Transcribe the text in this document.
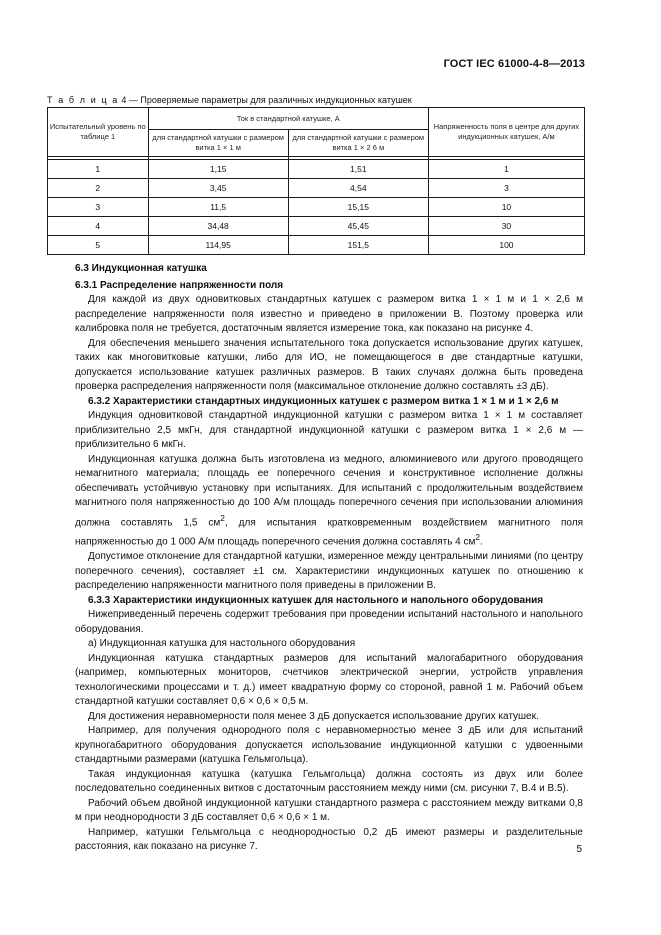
ГОСТ IEC 61000-4-8—2013
Т а б л и ц а 4 — Проверяемые параметры для различных индукционных катушек
Испытательный уровень по таблице 1	Ток в стандартной катушке, А		Напряженность поля в центре для других индукционных катушек, А/м
	для стандартной катушки с размером витка 1 × 1 м	для стандартной катушки с размером витка 1 × 2 6 м	

1	1,15	1,51	1
2	3,45	4,54	3
3	11,5	15,15	10
4	34,48	45,45	30
5	114,95	151,5	100

6.3 Индукционная катушка

6.3.1 Распределение напряженности поля

Для каждой из двух одновитковых стандартных катушек с размером витка 1 × 1 м и 1 × 2,6 м распределение напряженности поля известно и приведено в приложении В. Поэтому проверка или калибровка поля не требуется, достаточным является измерение тока, как показано на рисунке 4.

Для обеспечения меньшего значения испытательного тока допускается использование других катушек, таких как многовитковые катушки, либо для ИО, не помещающегося в две стандартные катушки, допускается использование катушек различных размеров. В таких случаях должна быть проведена проверка распределения напряженности поля (максимальное отклонение должно составлять ±3 дБ).

6.3.2 Характеристики стандартных индукционных катушек с размером витка 1 × 1 м и 1 × 2,6 м

Индукция одновитковой стандартной индукционной катушки с размером витка 1 × 1 м составляет приблизительно 2,5 мкГн, для стандартной индукционной катушки с размером витка 1 × 2,6 м — приблизительно 6 мкГн.

Индукционная катушка должна быть изготовлена из медного, алюминиевого или другого проводящего немагнитного материала; площадь ее поперечного сечения и конструктивное исполнение должны обеспечивать устойчивую установку при испытаниях. Для испытаний с продолжительным воздействием магнитного поля напряженностью до 100 А/м площадь поперечного сечения при использовании алюминия должна составлять 1,5 $см^2$, для испытания кратковременным воздействием магнитного поля напряженностью до 1 000 А/м площадь поперечного сечения должна составлять 4 $см^2$.

Допустимое отклонение для стандартной катушки, измеренное между центральными линиями (по центру поперечного сечения), составляет ±1 см. Характеристики индукционных катушек по отношению к распределению напряженности магнитного поля приведены в приложении В.

6.3.3 Характеристики индукционных катушек для настольного и напольного оборудования

Нижеприведенный перечень содержит требования при проведении испытаний настольного и напольного оборудования.

а) Индукционная катушка для настольного оборудования

Индукционная катушка стандартных размеров для испытаний малогабаритного оборудования (например, компьютерных мониторов, счетчиков электрической энергии, устройств управления технологическими процессами и т. д.) имеет квадратную форму со стороной, равной 1 м. Рабочий объем стандартной катушки составляет 0,6 × 0,6 × 0,5 м.

Для достижения неравномерности поля менее 3 дБ допускается использование других катушек.

Например, для получения однородного поля с неравномерностью менее 3 дБ или для испытаний крупногабаритного оборудования допускается использование индукционной катушки с удвоенными стандартными размерами (катушка Гельмгольца).

Такая индукционная катушка (катушка Гельмгольца) должна состоять из двух или более последовательно соединенных витков с достаточным расстоянием между ними (см. рисунки 7, В.4 и В.5).

Рабочий объем двойной индукционной катушки стандартного размера с расстоянием между витками 0,8 м при неоднородности 3 дБ составляет 0,6 × 0,6 × 1 м.

Например, катушки Гельмгольца с неоднородностью 0,2 дБ имеют размеры и разделительные расстояния, как показано на рисунке 7.	5
